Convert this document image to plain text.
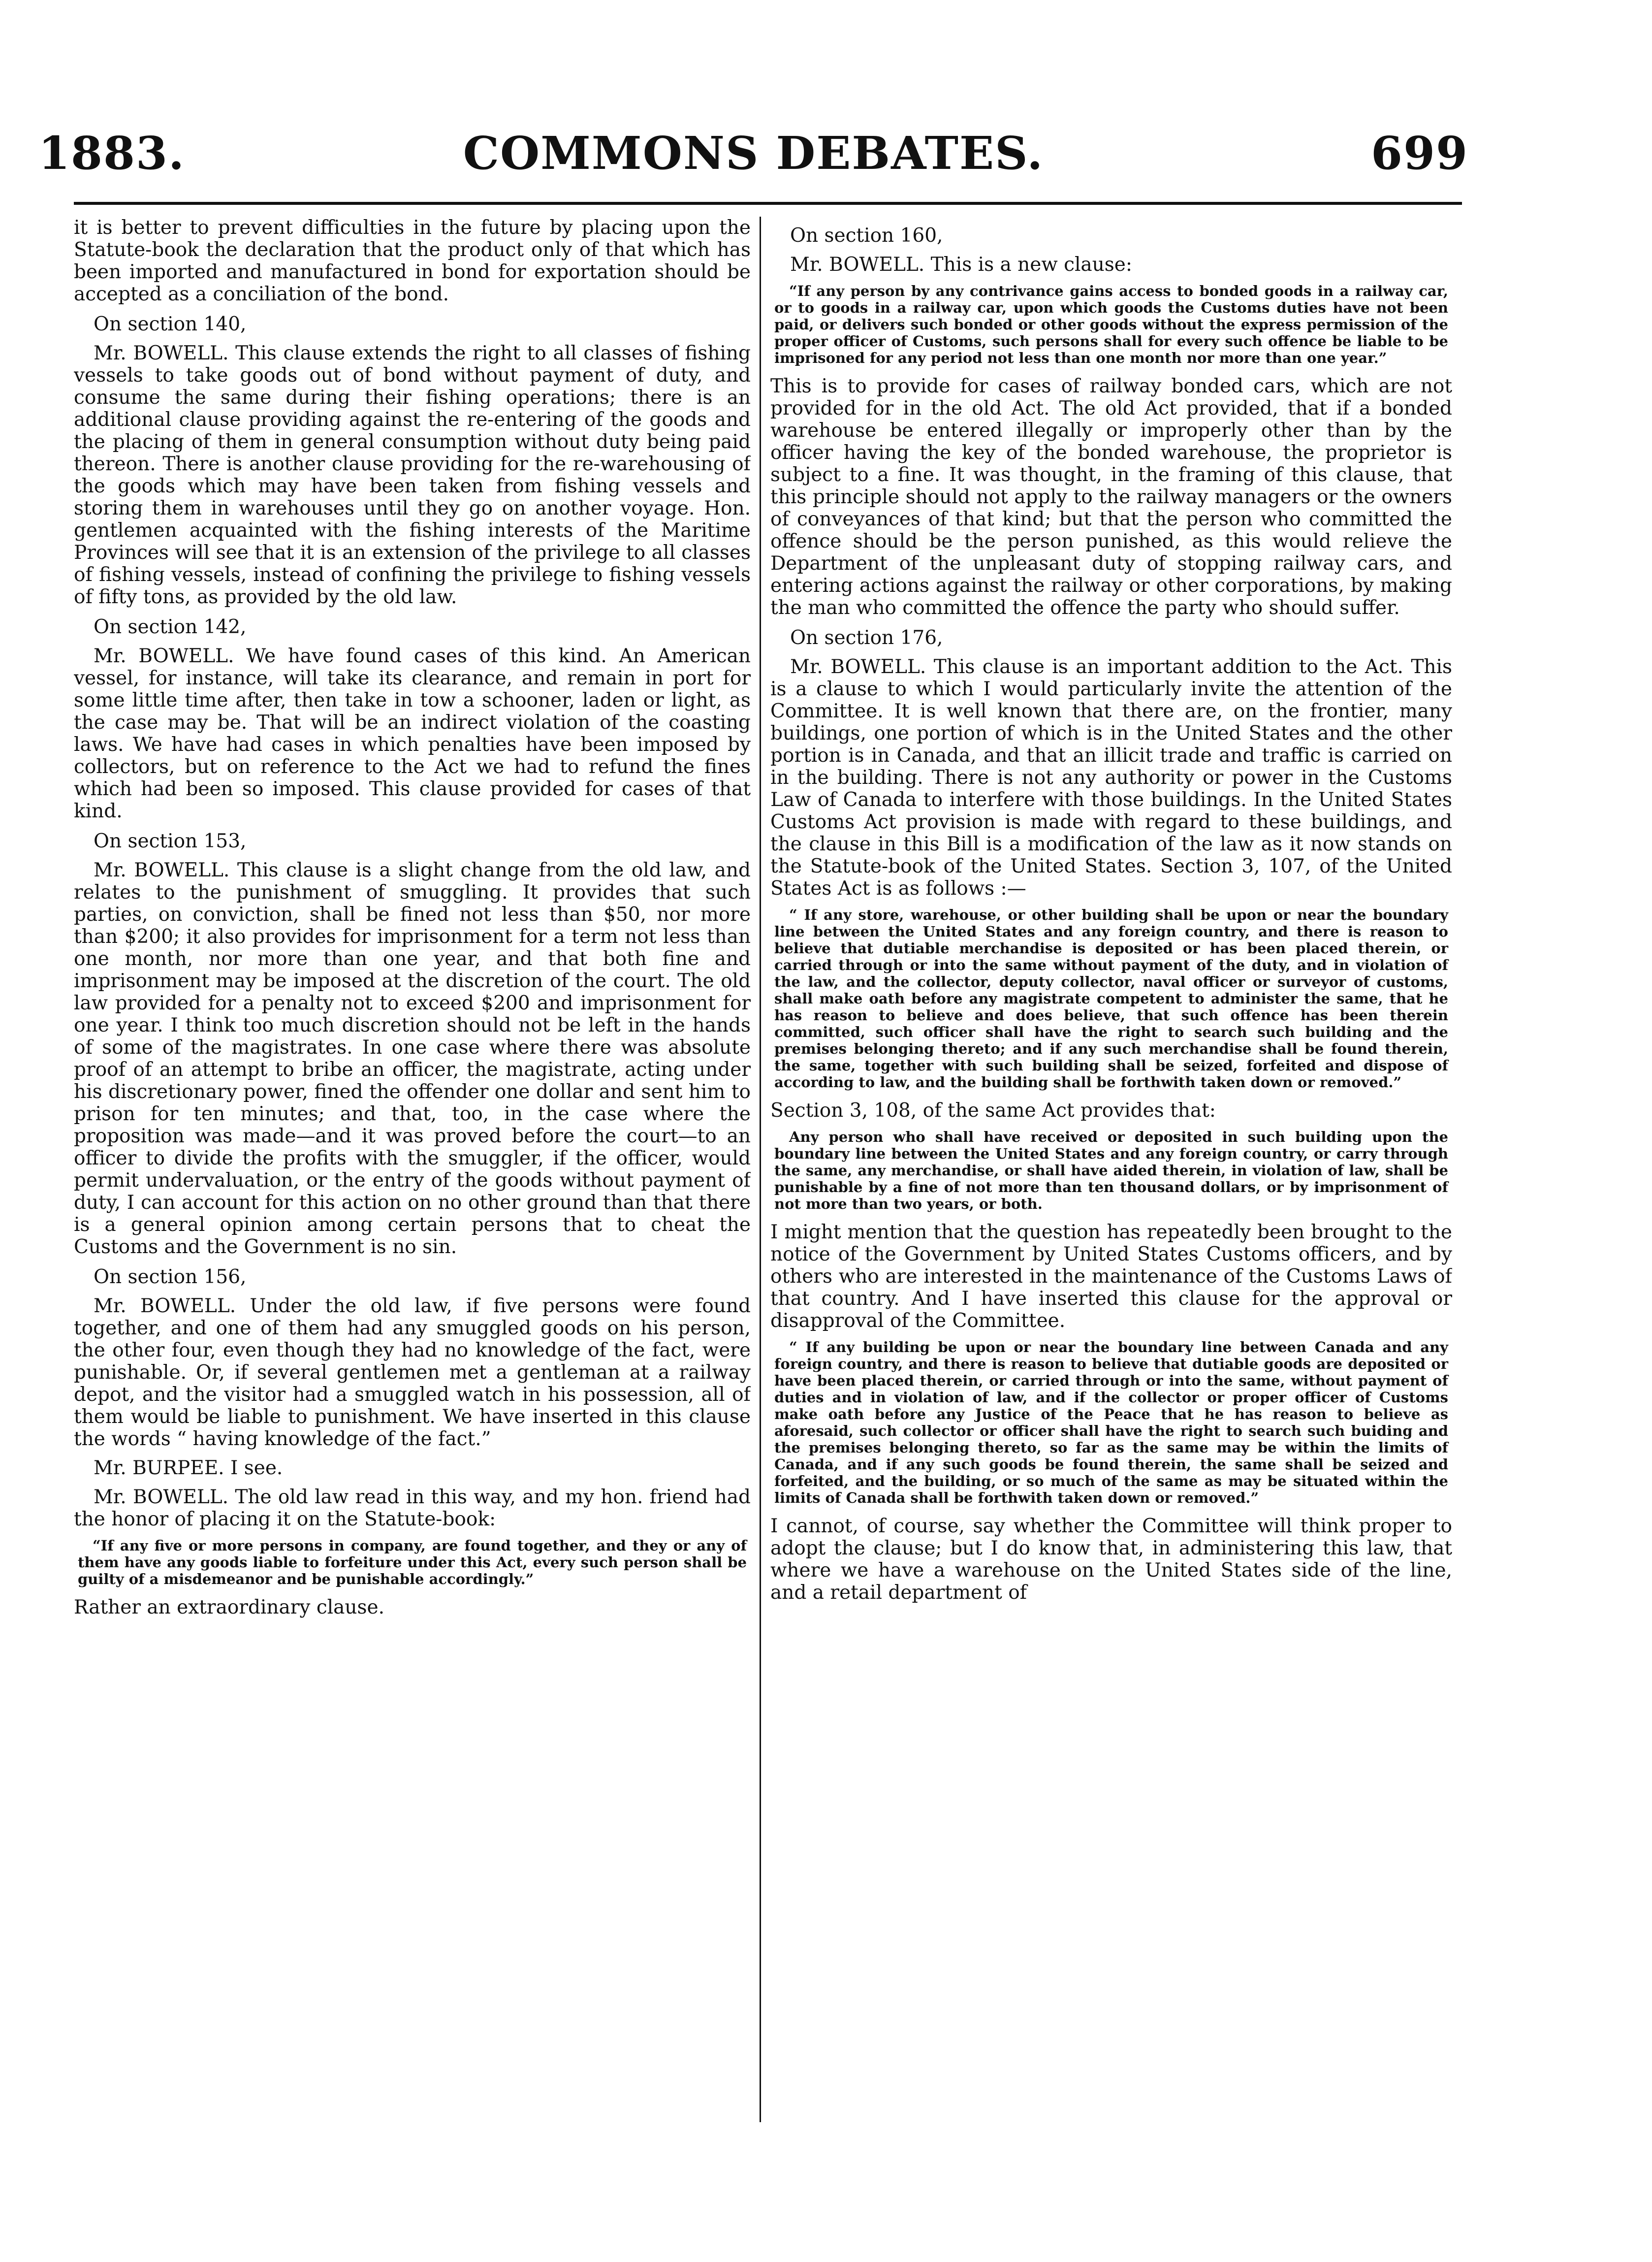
1883.	COMMONS DEBATES.	699

it is better to prevent difficulties in the future by placing upon the Statute-book the declaration that the product only of that which has been imported and manufactured in bond for exportation should be accepted as a conciliation of the bond.

On section 140,

Mr. BOWELL. This clause extends the right to all classes of fishing vessels to take goods out of bond without payment of duty, and consume the same during their fishing operations; there is an additional clause providing against the re-entering of the goods and the placing of them in general consumption without duty being paid thereon. There is another clause providing for the re-warehousing of the goods which may have been taken from fishing vessels and storing them in warehouses until they go on another voyage. Hon. gentlemen acquainted with the fishing interests of the Maritime Provinces will see that it is an extension of the privilege to all classes of fishing vessels, instead of confining the privilege to fishing vessels of fifty tons, as provided by the old law.

On section 142,

Mr. BOWELL. We have found cases of this kind. An American vessel, for instance, will take its clearance, and remain in port for some little time after, then take in tow a schooner, laden or light, as the case may be. That will be an indirect violation of the coasting laws. We have had cases in which penalties have been imposed by collectors, but on reference to the Act we had to refund the fines which had been so imposed. This clause provided for cases of that kind.

On section 153,

Mr. BOWELL. This clause is a slight change from the old law, and relates to the punishment of smuggling. It provides that such parties, on conviction, shall be fined not less than $50, nor more than $200; it also provides for imprisonment for a term not less than one month, nor more than one year, and that both fine and imprisonment may be imposed at the discretion of the court. The old law provided for a penalty not to exceed $200 and imprisonment for one year. I think too much discretion should not be left in the hands of some of the magistrates. In one case where there was absolute proof of an attempt to bribe an officer, the magistrate, acting under his discretionary power, fined the offender one dollar and sent him to prison for ten minutes; and that, too, in the case where the proposition was made—and it was proved before the court—to an officer to divide the profits with the smuggler, if the officer, would permit undervaluation, or the entry of the goods without payment of duty, I can account for this action on no other ground than that there is a general opinion among certain persons that to cheat the Customs and the Government is no sin.

On section 156,

Mr. BOWELL. Under the old law, if five persons were found together, and one of them had any smuggled goods on his person, the other four, even though they had no knowledge of the fact, were punishable. Or, if several gentlemen met a gentleman at a railway depot, and the visitor had a smuggled watch in his possession, all of them would be liable to punishment. We have inserted in this clause the words “ having knowledge of the fact.”

Mr. BURPEE. I see.

Mr. BOWELL. The old law read in this way, and my hon. friend had the honor of placing it on the Statute-book:

“If any five or more persons in company, are found together, and they or any of them have any goods liable to forfeiture under this Act, every such person shall be guilty of a misdemeanor and be punishable accordingly.”

Rather an extraordinary clause.

On section 160,

Mr. BOWELL. This is a new clause:

“If any person by any contrivance gains access to bonded goods in a railway car, or to goods in a railway car, upon which goods the Customs duties have not been paid, or delivers such bonded or other goods without the express permission of the proper officer of Customs, such persons shall for every such offence be liable to be imprisoned for any period not less than one month nor more than one year.”

This is to provide for cases of railway bonded cars, which are not provided for in the old Act. The old Act provided, that if a bonded warehouse be entered illegally or improperly other than by the officer having the key of the bonded warehouse, the proprietor is subject to a fine. It was thought, in the framing of this clause, that this principle should not apply to the railway managers or the owners of conveyances of that kind; but that the person who committed the offence should be the person punished, as this would relieve the Department of the unpleasant duty of stopping railway cars, and entering actions against the railway or other corporations, by making the man who committed the offence the party who should suffer.

On section 176,

Mr. BOWELL. This clause is an important addition to the Act. This is a clause to which I would particularly invite the attention of the Committee. It is well known that there are, on the frontier, many buildings, one portion of which is in the United States and the other portion is in Canada, and that an illicit trade and traffic is carried on in the building. There is not any authority or power in the Customs Law of Canada to interfere with those buildings. In the United States Customs Act provision is made with regard to these buildings, and the clause in this Bill is a modification of the law as it now stands on the Statute-book of the United States. Section 3, 107, of the United States Act is as follows :—

“ If any store, warehouse, or other building shall be upon or near the boundary line between the United States and any foreign country, and there is reason to believe that dutiable merchandise is deposited or has been placed therein, or carried through or into the same without payment of the duty, and in violation of the law, and the collector, deputy collector, naval officer or surveyor of customs, shall make oath before any magistrate competent to administer the same, that he has reason to believe and does believe, that such offence has been therein committed, such officer shall have the right to search such building and the premises belonging thereto; and if any such merchandise shall be found therein, the same, together with such building shall be seized, forfeited and dispose of according to law, and the building shall be forthwith taken down or removed.”

Section 3, 108, of the same Act provides that:

Any person who shall have received or deposited in such building upon the boundary line between the United States and any foreign country, or carry through the same, any merchandise, or shall have aided therein, in violation of law, shall be punishable by a fine of not more than ten thousand dollars, or by imprisonment of not more than two years, or both.

I might mention that the question has repeatedly been brought to the notice of the Government by United States Customs officers, and by others who are interested in the maintenance of the Customs Laws of that country. And I have inserted this clause for the approval or disapproval of the Committee.

“ If any building be upon or near the boundary line between Canada and any foreign country, and there is reason to believe that dutiable goods are deposited or have been placed therein, or carried through or into the same, without payment of duties and in violation of law, and if the collector or proper officer of Customs make oath before any Justice of the Peace that he has reason to believe as aforesaid, such collector or officer shall have the right to search such buiding and the premises belonging thereto, so far as the same may be within the limits of Canada, and if any such goods be found therein, the same shall be seized and forfeited, and the building, or so much of the same as may be situated within the limits of Canada shall be forthwith taken down or removed.”

I cannot, of course, say whether the Committee will think proper to adopt the clause; but I do know that, in administering this law, that where we have a warehouse on the United States side of the line, and a retail department of
